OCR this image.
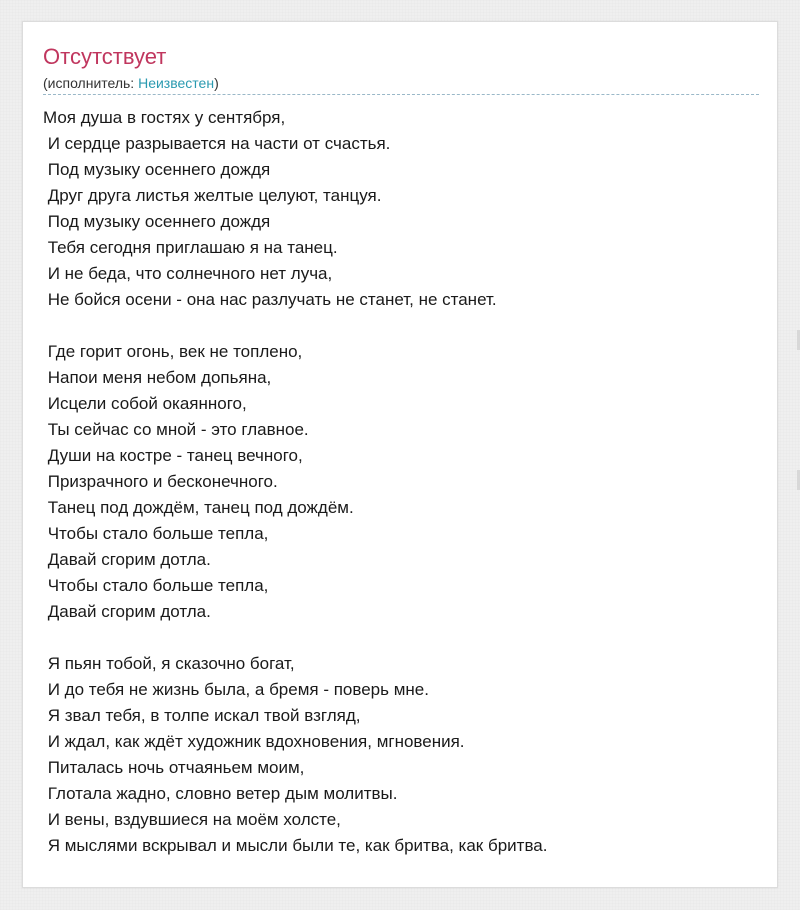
Отсутствует
(исполнитель: Неизвестен)
Моя душа в гостях у сентября,
И сердце разрывается на части от счастья.
Под музыку осеннего дождя
Друг друга листья желтые целуют, танцуя.
Под музыку осеннего дождя
Тебя сегодня приглашаю я на танец.
И не беда, что солнечного нет луча,
Не бойся осени - она нас разлучать не станет, не станет.
Где горит огонь, век не топлено,
Напои меня небом допьяна,
Исцели собой окаянного,
Ты сейчас со мной - это главное.
Души на костре - танец вечного,
Призрачного и бесконечного.
Танец под дождём, танец под дождём.
Чтобы стало больше тепла,
Давай сгорим дотла.
Чтобы стало больше тепла,
Давай сгорим дотла.
Я пьян тобой, я сказочно богат,
И до тебя не жизнь была, а бремя - поверь мне.
Я звал тебя, в толпе искал твой взгляд,
И ждал, как ждёт художник вдохновения, мгновения.
Питалась ночь отчаяньем моим,
Глотала жадно, словно ветер дым молитвы.
И вены, вздувшиеся на моём холсте,
Я мыслями вскрывал и мысли были те, как бритва, как бритва.
